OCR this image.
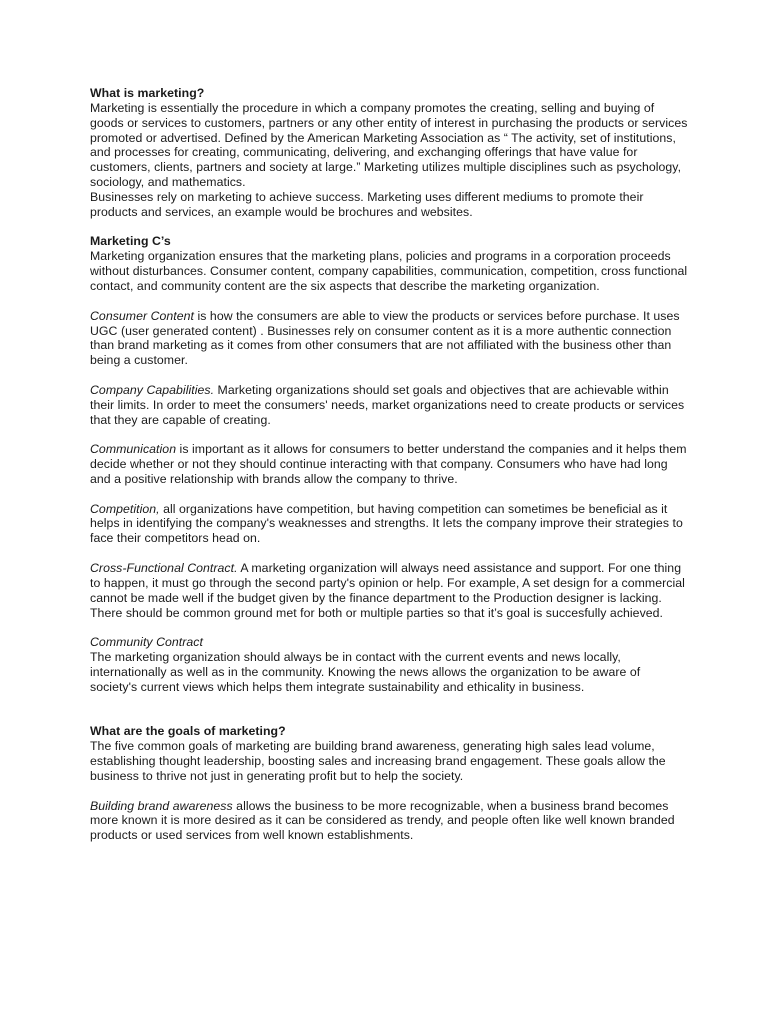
What is marketing?

Marketing is essentially the procedure in which a company promotes the creating, selling and buying of goods or services to customers, partners or any other entity of interest in purchasing the products or services promoted or advertised. Defined by the American Marketing Association as “ The activity, set of institutions, and processes for creating, communicating, delivering, and exchanging offerings that have value for customers, clients, partners and society at large.” Marketing utilizes multiple disciplines such as psychology, sociology, and mathematics.

Businesses rely on marketing to achieve success. Marketing uses different mediums to promote their products and services, an example would be brochures and websites.

Marketing C’s

Marketing organization ensures that the marketing plans, policies and programs in a corporation proceeds without disturbances. Consumer content, company capabilities, communication, competition, cross functional contact, and community content are the six aspects that describe the marketing organization.

Consumer Content is how the consumers are able to view the products or services before purchase. It uses UGC (user generated content) . Businesses rely on consumer content as it is a more authentic connection than brand marketing as it comes from other consumers that are not affiliated with the business other than being a customer.

Company Capabilities. Marketing organizations should set goals and objectives that are achievable within their limits. In order to meet the consumers' needs, market organizations need to create products or services that they are capable of creating.

Communication is important as it allows for consumers to better understand the companies and it helps them decide whether or not they should continue interacting with that company. Consumers who have had long and a positive relationship with brands allow the company to thrive.

Competition, all organizations have competition, but having competition can sometimes be beneficial as it helps in identifying the company's weaknesses and strengths. It lets the company improve their strategies to face their competitors head on.

Cross-Functional Contract. A marketing organization will always need assistance and support. For one thing to happen, it must go through the second party's opinion or help. For example, A set design for a commercial cannot be made well if the budget given by the finance department to the Production designer is lacking. There should be common ground met for both or multiple parties so that it’s goal is succesfully achieved.

Community Contract

The marketing organization should always be in contact with the current events and news locally, internationally as well as in the community. Knowing the news allows the organization to be aware of society's current views which helps them integrate sustainability and ethicality in business.

What are the goals of marketing?

The five common goals of marketing are building brand awareness, generating high sales lead volume, establishing thought leadership, boosting sales and increasing brand engagement. These goals allow the business to thrive not just in generating profit but to help the society.

Building brand awareness allows the business to be more recognizable, when a business brand becomes more known it is more desired as it can be considered as trendy, and people often like well known branded products or used services from well known establishments.
